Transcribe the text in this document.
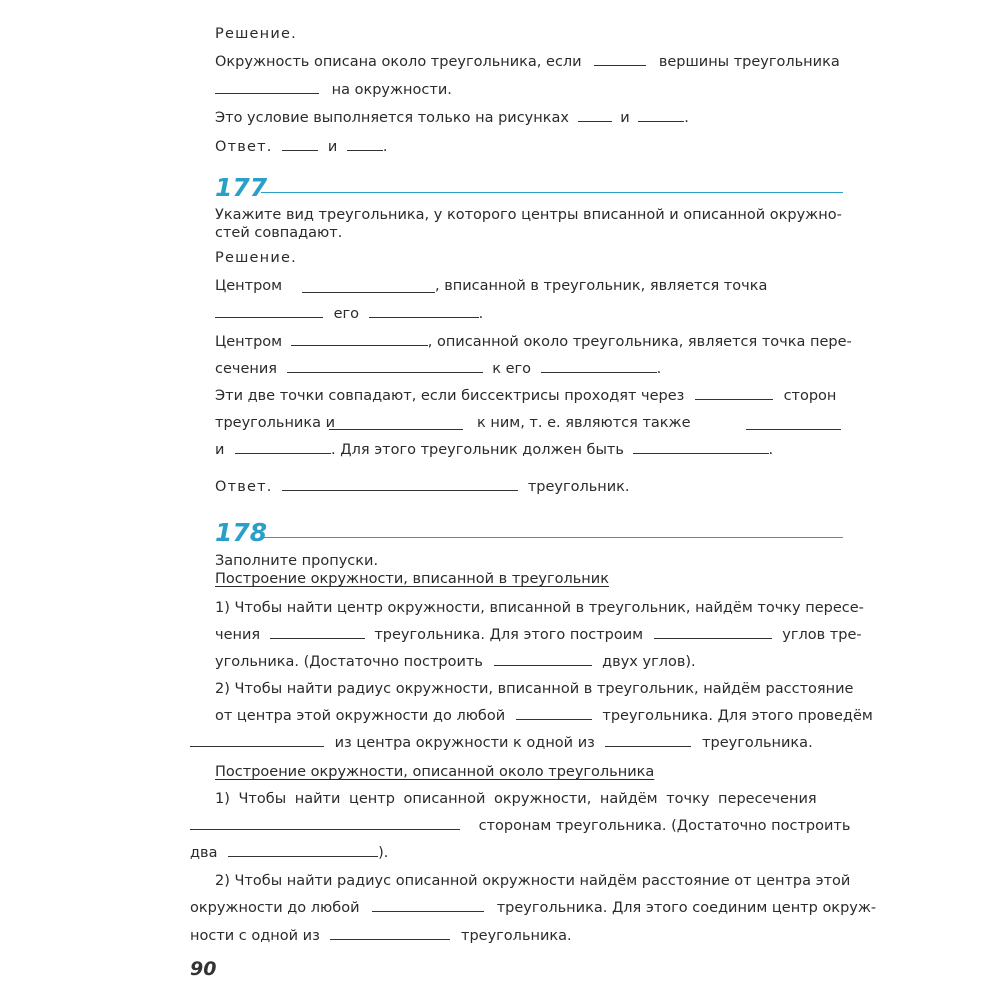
Решение.
Окружность описана около треугольника, если	вершины треугольника
на окружности.
Это условие выполняется только на рисунках	и	.
Ответ.	и	.
177
Укажите вид треугольника, у которого центры вписанной и описанной окружно-
стей совпадают.
Решение.
Центром	, вписанной в треугольник, является точка
его	.
Центром	, описанной около треугольника, является точка пере-
сечения	к его	.
Эти две точки совпадают, если биссектрисы проходят через	сторон
треугольника и	к ним, т. е. являются также
и	. Для этого треугольник должен быть	.
Ответ.	треугольник.
178
Заполните пропуски.
Построение окружности, вписанной в треугольник
1) Чтобы найти центр окружности, вписанной в треугольник, найдём точку пересе-
чения	треугольника. Для этого построим	углов тре-
угольника. (Достаточно построить	двух углов).
2) Чтобы найти радиус окружности, вписанной в треугольник, найдём расстояние
от центра этой окружности до любой	треугольника. Для этого проведём
из центра окружности к одной из	треугольника.
Построение окружности, описанной около треугольника
1) Чтобы найти центр описанной окружности, найдём точку пересечения
сторонам треугольника. (Достаточно построить
два	).
2) Чтобы найти радиус описанной окружности найдём расстояние от центра этой
окружности до любой	треугольника. Для этого соединим центр окруж-
ности с одной из	треугольника.
90
